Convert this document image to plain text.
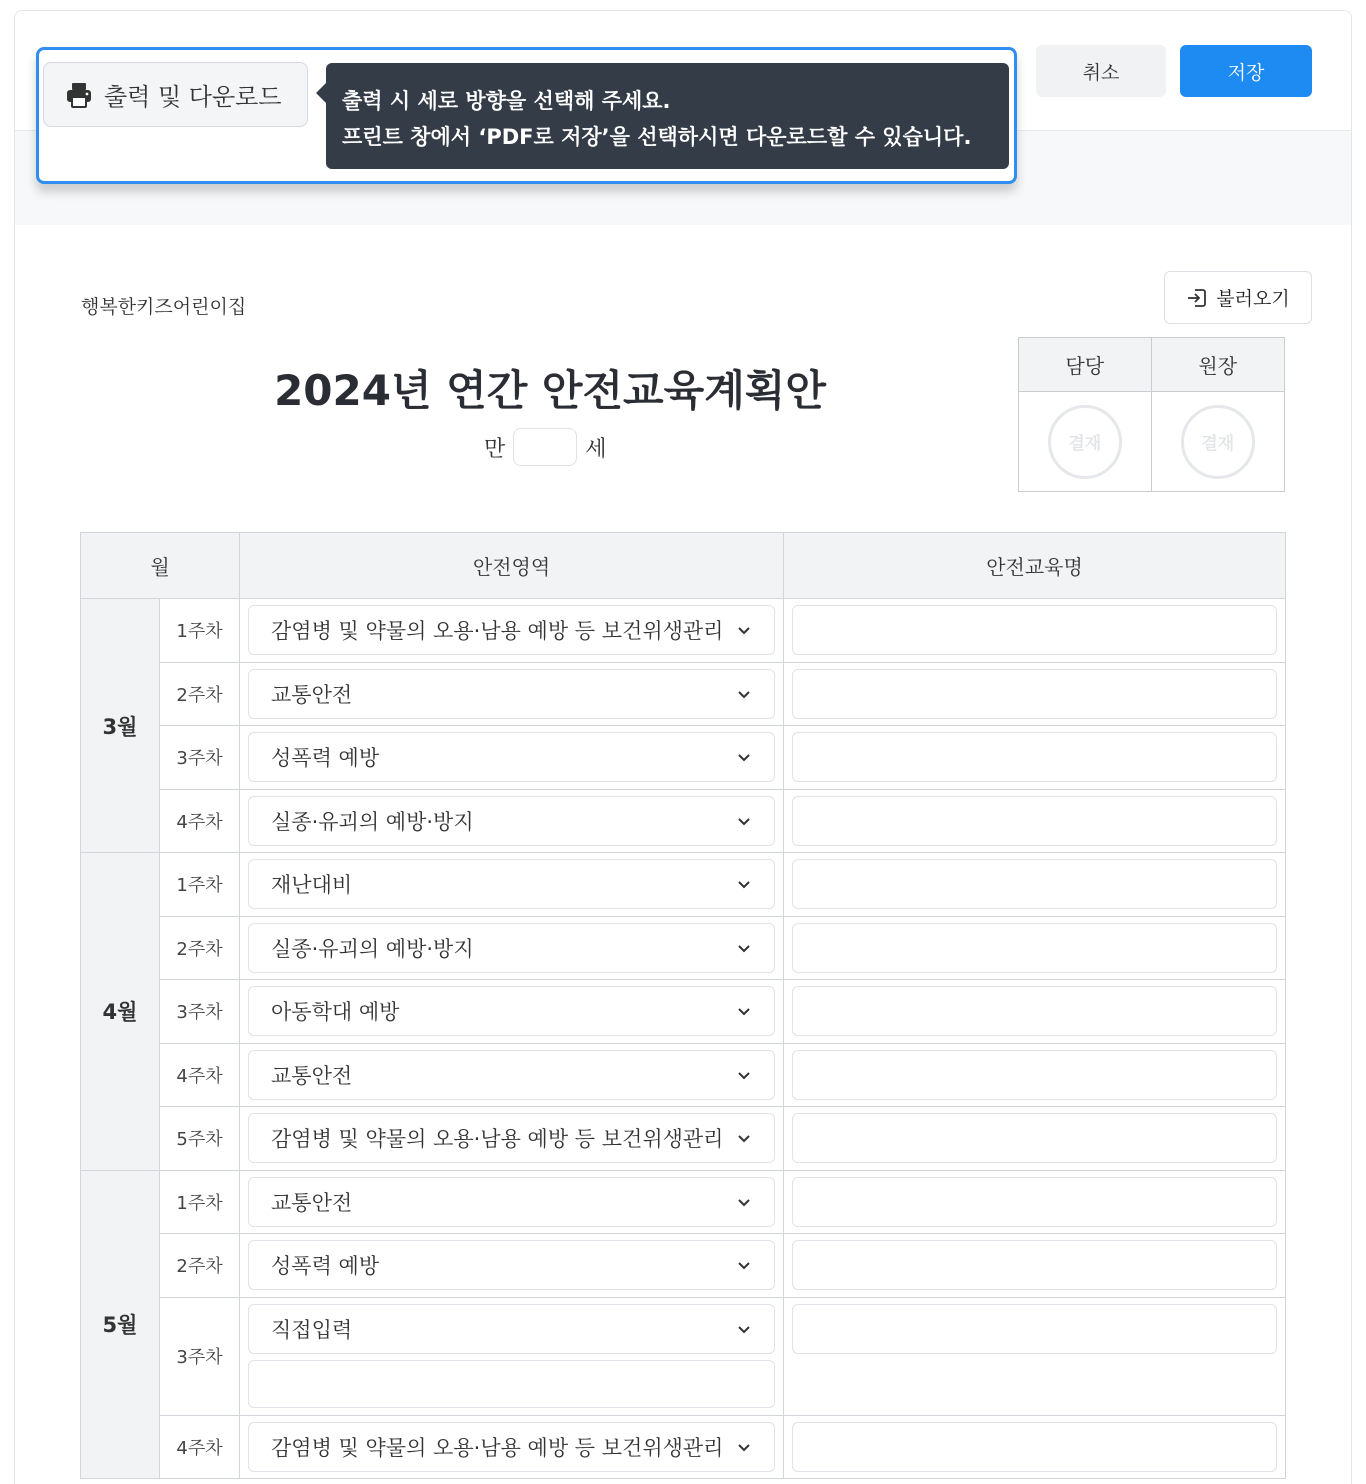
취소	저장
불러오기
출력 및 다운로드	출력 시 세로 방향을 선택해 주세요.
프린트 창에서 ‘PDF로 저장’을 선택하시면 다운로드할 수 있습니다.
행복한키즈어린이집
2024년 연간 안전교육계획안
만	세
담당	원장
결재	결재
월		안전영역	안전교육명
3월	1주차	감염병 및 약물의 오용·남용 예방 등 보건위생관리	

	2주차	교통안전	

	3주차	성폭력 예방	

	4주차	실종·유괴의 예방·방지	

4월	1주차	재난대비	

	2주차	실종·유괴의 예방·방지	

	3주차	아동학대 예방	

	4주차	교통안전	

	5주차	감염병 및 약물의 오용·남용 예방 등 보건위생관리	

5월	1주차	교통안전	

	2주차	성폭력 예방	

	3주차	직접입력	

	4주차	감염병 및 약물의 오용·남용 예방 등 보건위생관리	
